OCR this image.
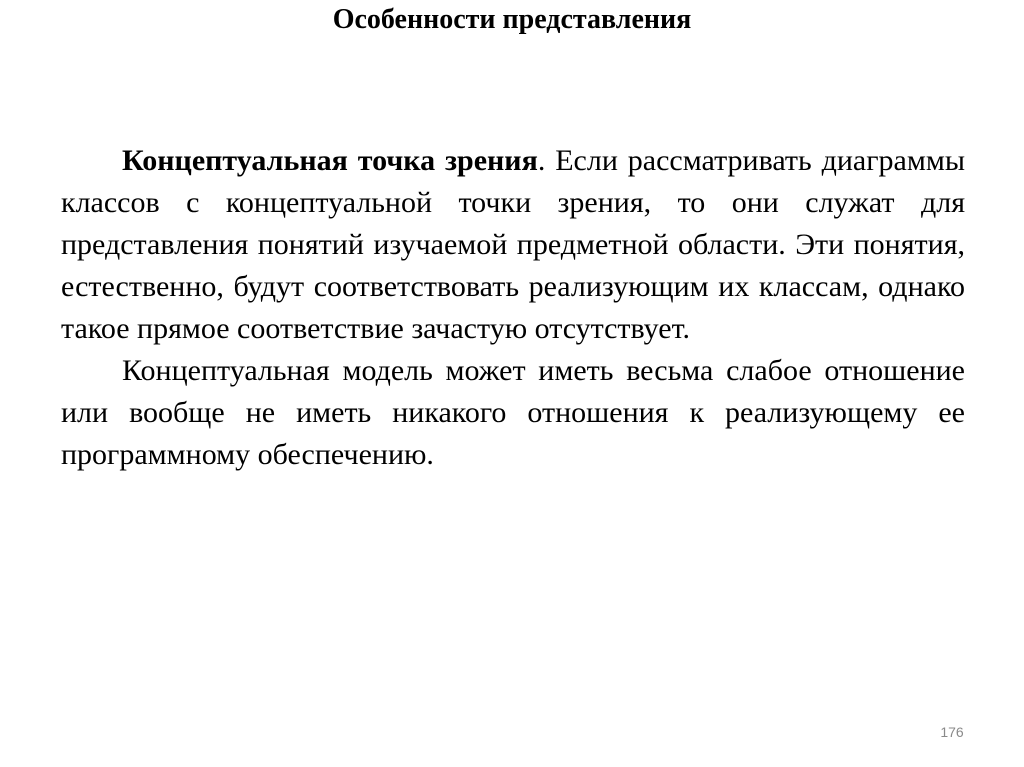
Особенности представления

Концептуальная точка зрения. Если рассматривать диаграммы классов с концептуальной точки зрения, то они служат для представления понятий изучаемой предметной области. Эти понятия, естественно, будут соответствовать реализующим их классам, однако такое прямое соответствие зачастую отсутствует.

Концептуальная модель может иметь весьма слабое отношение или вообще не иметь никакого отношения к реализующему ее программному обеспечению.

176
